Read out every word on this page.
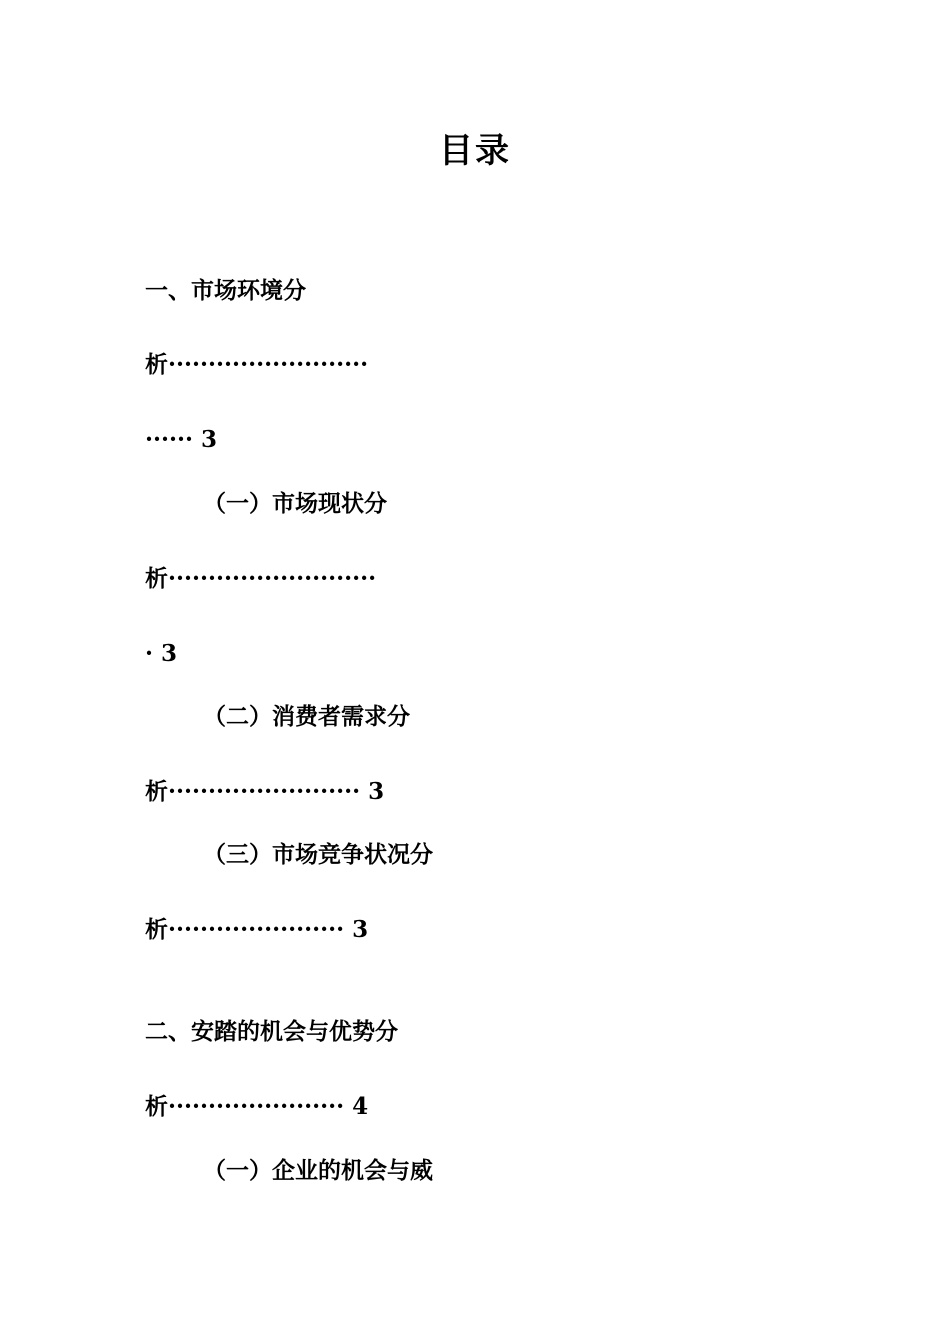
目录
一、市场环境分
析·························
······ 3
（一）市场现状分
析··························
· 3
（二）消费者需求分
析························ 3
（三）市场竞争状况分
析······················ 3
二、安踏的机会与优势分
析······················ 4
（一）企业的机会与威
